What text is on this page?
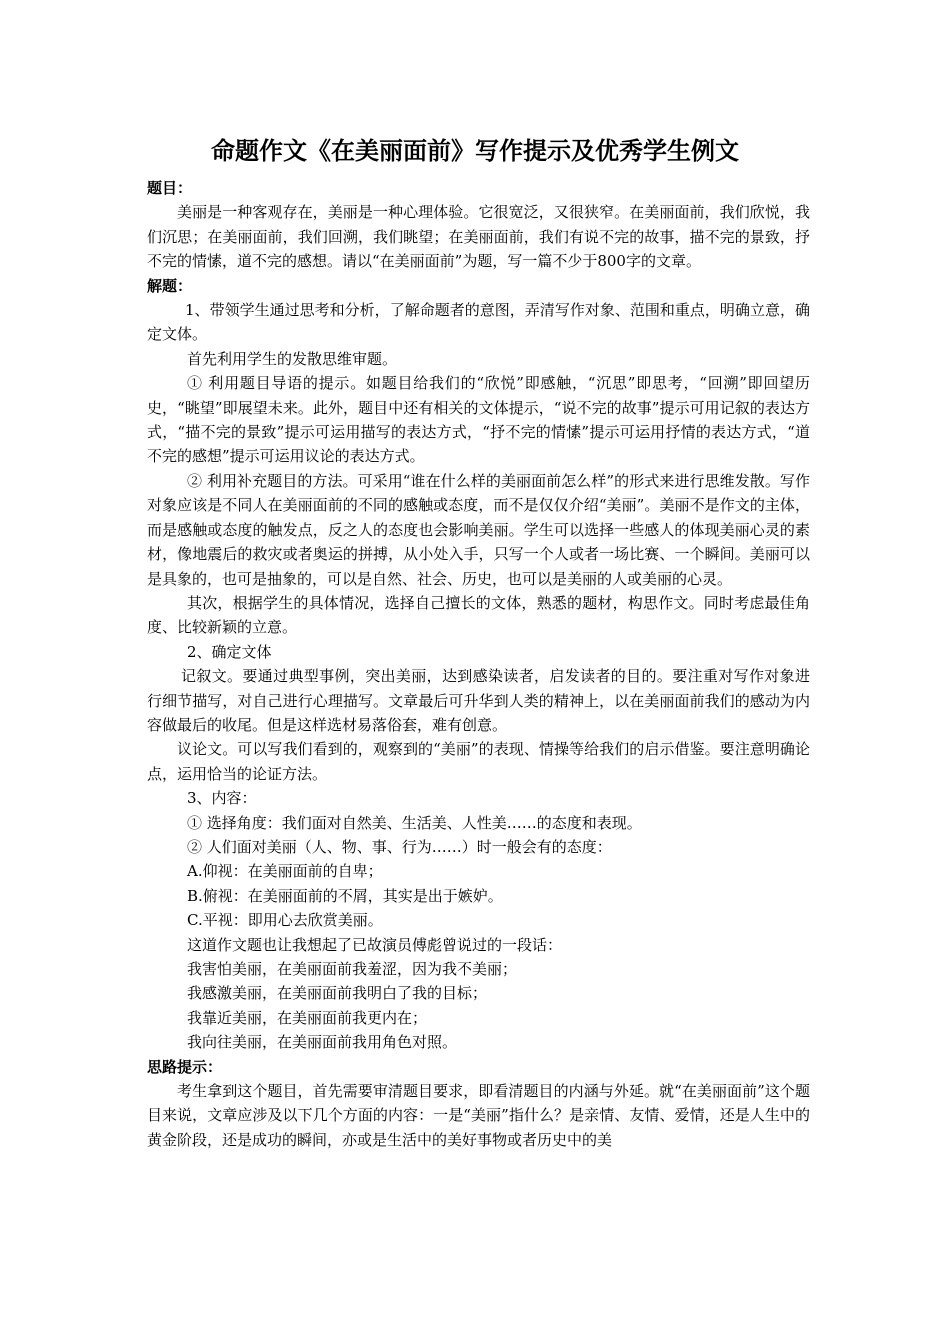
命题作文《在美丽面前》写作提示及优秀学生例文

题目：

美丽是一种客观存在，美丽是一种心理体验。它很宽泛，又很狭窄。在美丽面前，我们欣悦，我们沉思；在美丽面前，我们回溯，我们眺望；在美丽面前，我们有说不完的故事，描不完的景致，抒不完的情愫，道不完的感想。请以“在美丽面前”为题，写一篇不少于800字的文章。

解题：

1、带领学生通过思考和分析，了解命题者的意图，弄清写作对象、范围和重点，明确立意，确定文体。

首先利用学生的发散思维审题。

① 利用题目导语的提示。如题目给我们的“欣悦”即感触，“沉思”即思考，“回溯”即回望历史，“眺望”即展望未来。此外，题目中还有相关的文体提示，“说不完的故事”提示可用记叙的表达方式，“描不完的景致”提示可运用描写的表达方式，“抒不完的情愫”提示可运用抒情的表达方式，“道不完的感想”提示可运用议论的表达方式。

② 利用补充题目的方法。可采用“谁在什么样的美丽面前怎么样”的形式来进行思维发散。写作对象应该是不同人在美丽面前的不同的感触或态度，而不是仅仅介绍“美丽”。美丽不是作文的主体，而是感触或态度的触发点，反之人的态度也会影响美丽。学生可以选择一些感人的体现美丽心灵的素材，像地震后的救灾或者奥运的拼搏，从小处入手，只写一个人或者一场比赛、一个瞬间。美丽可以是具象的，也可是抽象的，可以是自然、社会、历史，也可以是美丽的人或美丽的心灵。

其次，根据学生的具体情况，选择自己擅长的文体，熟悉的题材，构思作文。同时考虑最佳角度、比较新颖的立意。

2、确定文体

记叙文。要通过典型事例，突出美丽，达到感染读者，启发读者的目的。要注重对写作对象进行细节描写，对自己进行心理描写。文章最后可升华到人类的精神上，以在美丽面前我们的感动为内容做最后的收尾。但是这样选材易落俗套，难有创意。

议论文。可以写我们看到的，观察到的“美丽”的表现、情操等给我们的启示借鉴。要注意明确论点，运用恰当的论证方法。

3、内容：

① 选择角度：我们面对自然美、生活美、人性美……的态度和表现。

② 人们面对美丽（人、物、事、行为……）时一般会有的态度：

A.仰视：在美丽面前的自卑；

B.俯视：在美丽面前的不屑，其实是出于嫉妒。

C.平视：即用心去欣赏美丽。

这道作文题也让我想起了已故演员傅彪曾说过的一段话：

我害怕美丽，在美丽面前我羞涩，因为我不美丽；

我感激美丽，在美丽面前我明白了我的目标；

我靠近美丽，在美丽面前我更内在；

我向往美丽，在美丽面前我用角色对照。

思路提示：

考生拿到这个题目，首先需要审清题目要求，即看清题目的内涵与外延。就“在美丽面前”这个题目来说，文章应涉及以下几个方面的内容：一是“美丽”指什么？是亲情、友情、爱情，还是人生中的黄金阶段，还是成功的瞬间，亦或是生活中的美好事物或者历史中的美
